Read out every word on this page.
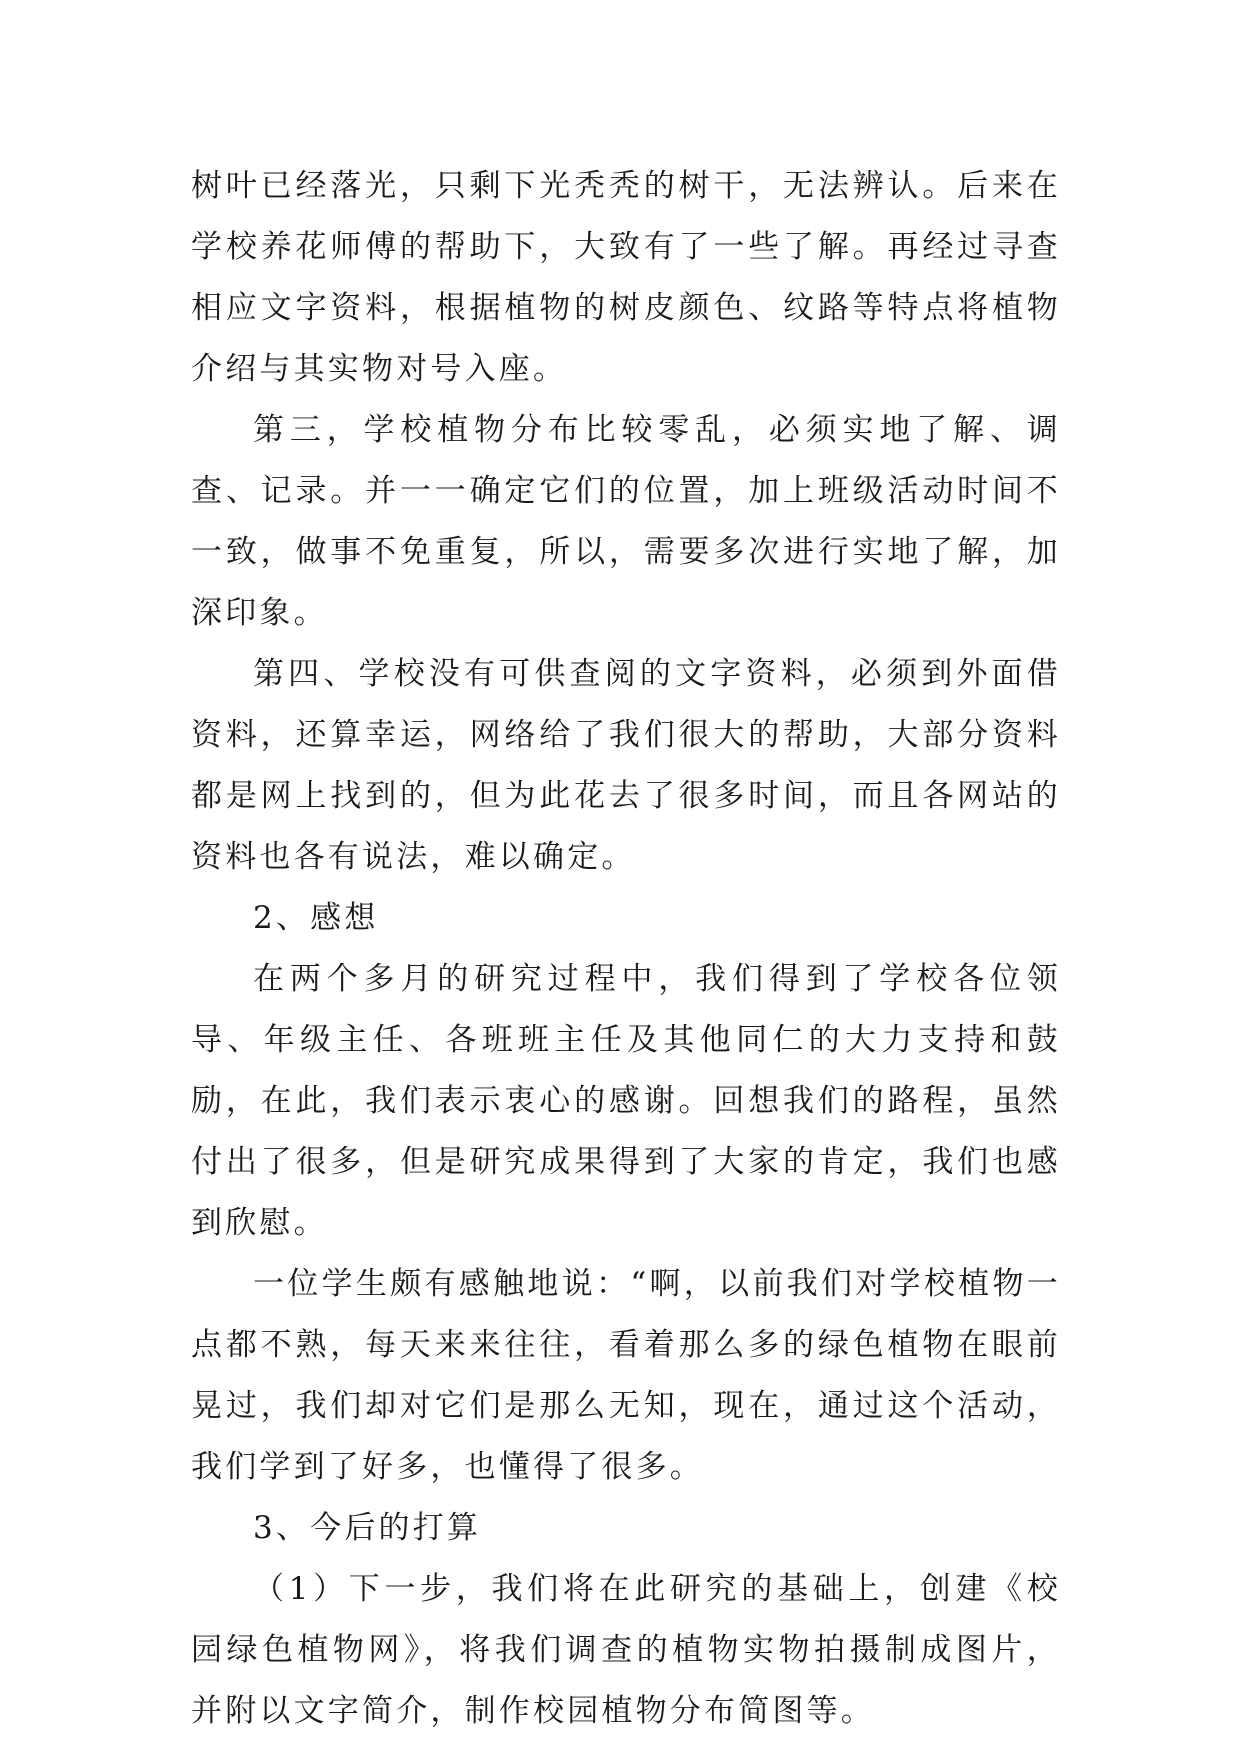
树叶已经落光，只剩下光秃秃的树干，无法辨认。后来在学校养花师傅的帮助下，大致有了一些了解。再经过寻查相应文字资料，根据植物的树皮颜色、纹路等特点将植物介绍与其实物对号入座。

第三，学校植物分布比较零乱，必须实地了解、调查、记录。并一一确定它们的位置，加上班级活动时间不一致，做事不免重复，所以，需要多次进行实地了解，加深印象。

第四、学校没有可供查阅的文字资料，必须到外面借资料，还算幸运，网络给了我们很大的帮助，大部分资料都是网上找到的，但为此花去了很多时间，而且各网站的资料也各有说法，难以确定。

2、感想

在两个多月的研究过程中，我们得到了学校各位领导、年级主任、各班班主任及其他同仁的大力支持和鼓励，在此，我们表示衷心的感谢。回想我们的路程，虽然付出了很多，但是研究成果得到了大家的肯定，我们也感到欣慰。

一位学生颇有感触地说：“啊，以前我们对学校植物一点都不熟，每天来来往往，看着那么多的绿色植物在眼前晃过，我们却对它们是那么无知，现在，通过这个活动，我们学到了好多，也懂得了很多。

3、今后的打算

（1）下一步，我们将在此研究的基础上，创建《校园绿色植物网》，将我们调查的植物实物拍摄制成图片，并附以文字简介，制作校园植物分布简图等。
